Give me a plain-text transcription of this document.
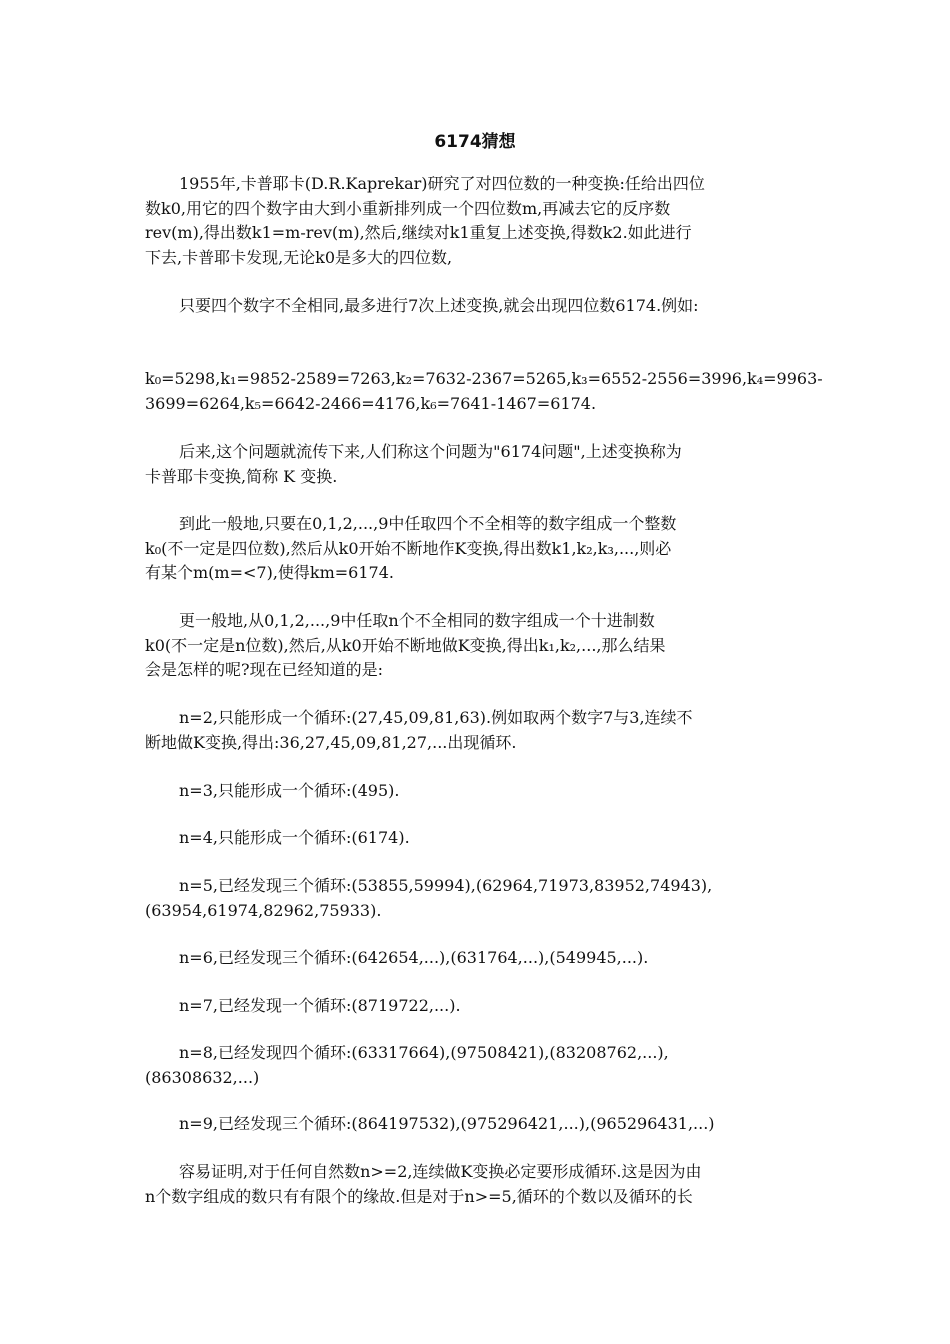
6174猜想
1955年,卡普耶卡(D.R.Kaprekar)研究了对四位数的一种变换:任给出四位
数k0,用它的四个数字由大到小重新排列成一个四位数m,再减去它的反序数
rev(m),得出数k1=m-rev(m),然后,继续对k1重复上述变换,得数k2.如此进行
下去,卡普耶卡发现,无论k0是多大的四位数,
只要四个数字不全相同,最多进行7次上述变换,就会出现四位数6174.例如:
k₀=5298,k₁=9852-2589=7263,k₂=7632-2367=5265,k₃=6552-2556=3996,k₄=9963-
3699=6264,k₅=6642-2466=4176,k₆=7641-1467=6174.
后来,这个问题就流传下来,人们称这个问题为"6174问题",上述变换称为
卡普耶卡变换,简称 K 变换.
到此一般地,只要在0,1,2,...,9中任取四个不全相等的数字组成一个整数
k₀(不一定是四位数),然后从k0开始不断地作K变换,得出数k1,k₂,k₃,...,则必
有某个m(m=<7),使得km=6174.
更一般地,从0,1,2,...,9中任取n个不全相同的数字组成一个十进制数
k0(不一定是n位数),然后,从k0开始不断地做K变换,得出k₁,k₂,...,那么结果
会是怎样的呢?现在已经知道的是:
n=2,只能形成一个循环:(27,45,09,81,63).例如取两个数字7与3,连续不
断地做K变换,得出:36,27,45,09,81,27,...出现循环.
n=3,只能形成一个循环:(495).
n=4,只能形成一个循环:(6174).
n=5,已经发现三个循环:(53855,59994),(62964,71973,83952,74943),
(63954,61974,82962,75933).
n=6,已经发现三个循环:(642654,...),(631764,...),(549945,...).
n=7,已经发现一个循环:(8719722,...).
n=8,已经发现四个循环:(63317664),(97508421),(83208762,...),
(86308632,...)
n=9,已经发现三个循环:(864197532),(975296421,...),(965296431,...)
容易证明,对于任何自然数n>=2,连续做K变换必定要形成循环.这是因为由
n个数字组成的数只有有限个的缘故.但是对于n>=5,循环的个数以及循环的长
